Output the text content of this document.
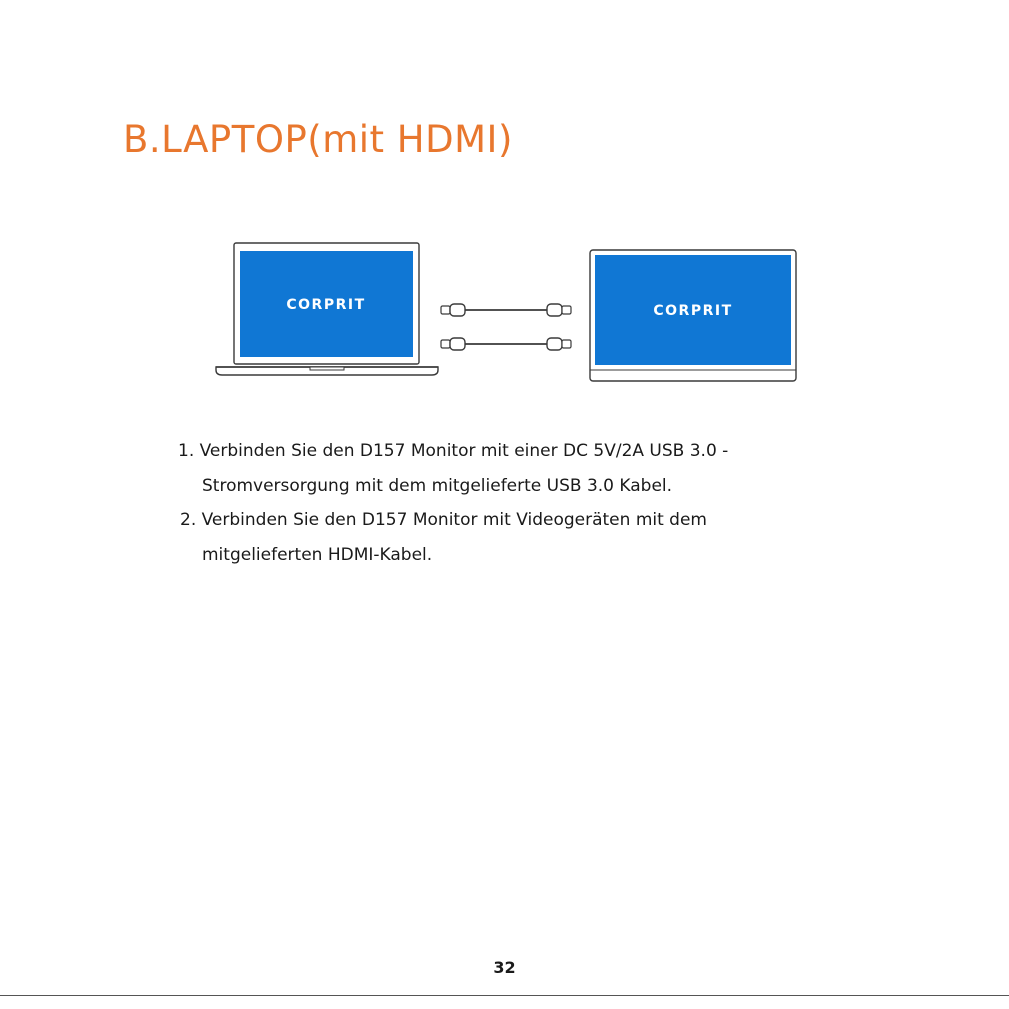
B.LAPTOP(mit HDMI)
CORPRIT	CORPRIT
1. Verbinden Sie den D157 Monitor mit einer DC 5V/2A USB 3.0 -
Stromversorgung mit dem mitgelieferte USB 3.0 Kabel.
2. Verbinden Sie den D157 Monitor mit Videogeräten mit dem
mitgelieferten HDMI-Kabel.
32
